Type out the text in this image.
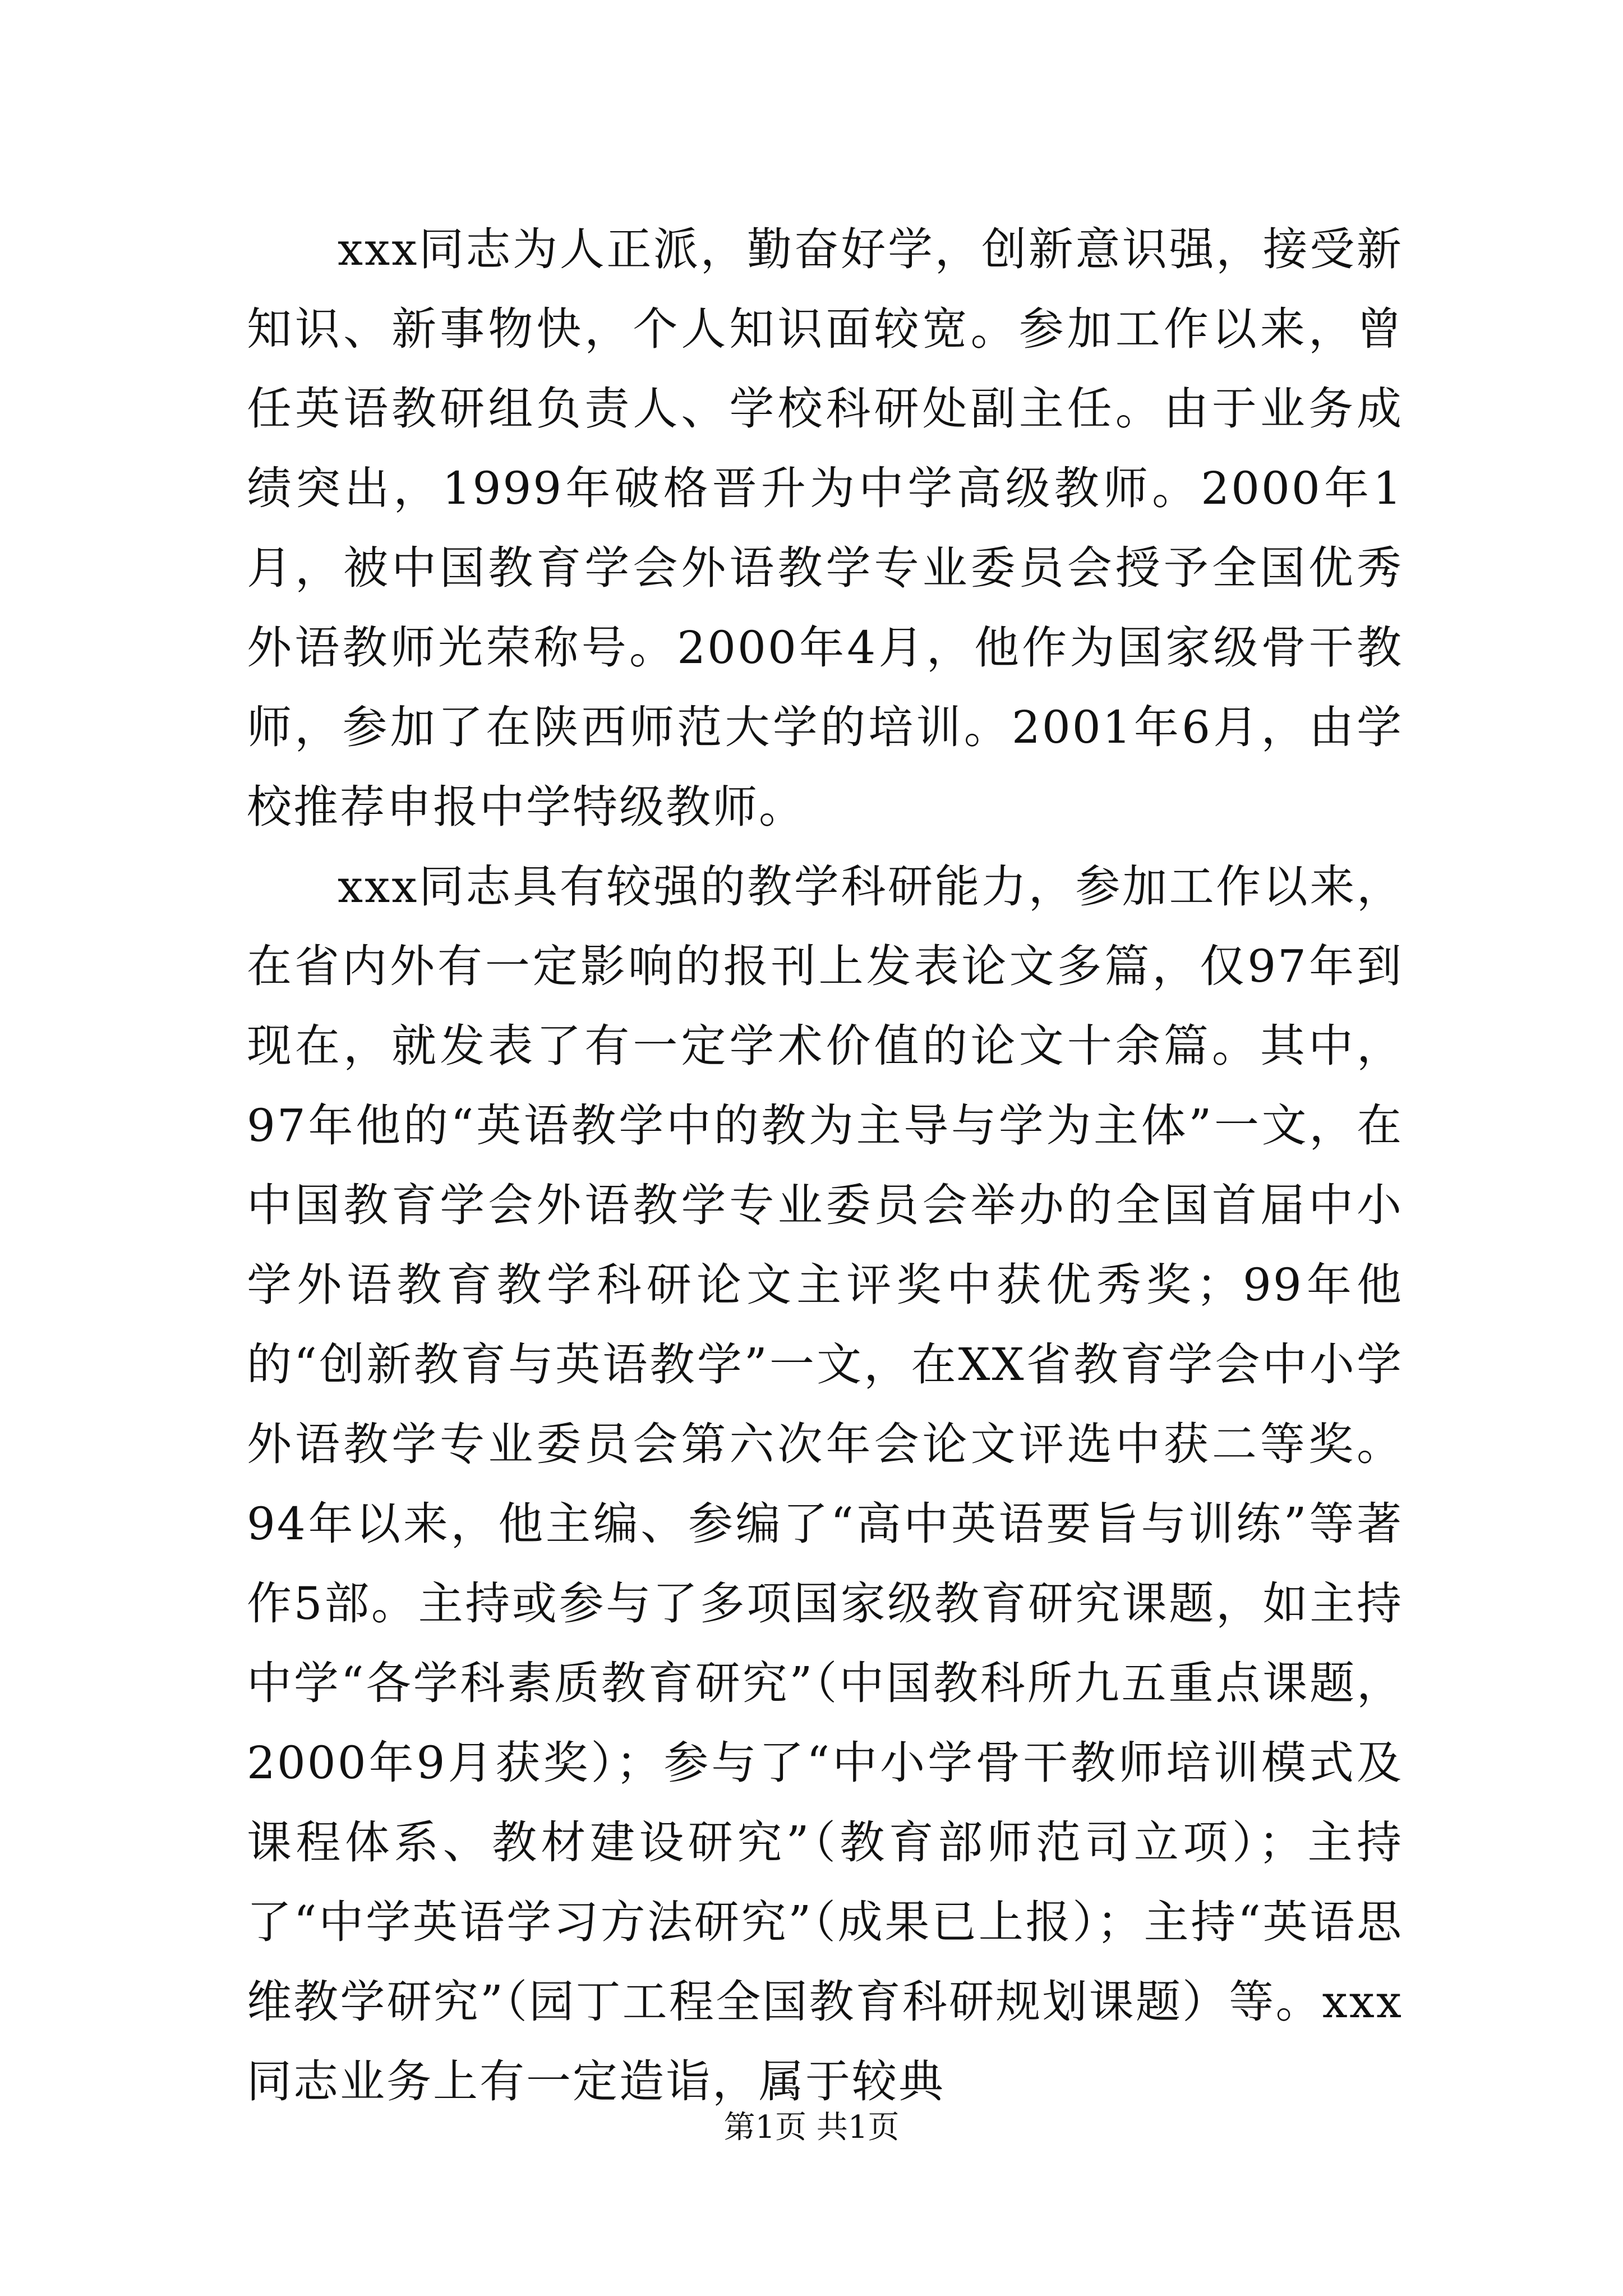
xxx同志为人正派，勤奋好学，创新意识强，接受新知识、新事物快，个人知识面较宽。参加工作以来，曾任英语教研组负责人、学校科研处副主任。由于业务成绩突出，1999年破格晋升为中学高级教师。2000年1月，被中国教育学会外语教学专业委员会授予全国优秀外语教师光荣称号。2000年4月，他作为国家级骨干教师，参加了在陕西师范大学的培训。2001年6月，由学校推荐申报中学特级教师。

xxx同志具有较强的教学科研能力，参加工作以来，在省内外有一定影响的报刊上发表论文多篇，仅97年到现在，就发表了有一定学术价值的论文十余篇。其中，97年他的“英语教学中的教为主导与学为主体”一文，在中国教育学会外语教学专业委员会举办的全国首届中小学外语教育教学科研论文主评奖中获优秀奖；99年他的“创新教育与英语教学”一文，在XX省教育学会中小学外语教学专业委员会第六次年会论文评选中获二等奖。94年以来，他主编、参编了“高中英语要旨与训练”等著作5部。主持或参与了多项国家级教育研究课题，如主持中学“各学科素质教育研究”（中国教科所九五重点课题，2000年9月获奖）；参与了“中小学骨干教师培训模式及课程体系、教材建设研究”（教育部师范司立项）；主持了“中学英语学习方法研究”（成果已上报）；主持“英语思维教学研究”（园丁工程全国教育科研规划课题）等。xxx同志业务上有一定造诣，属于较典

第1页 共1页
